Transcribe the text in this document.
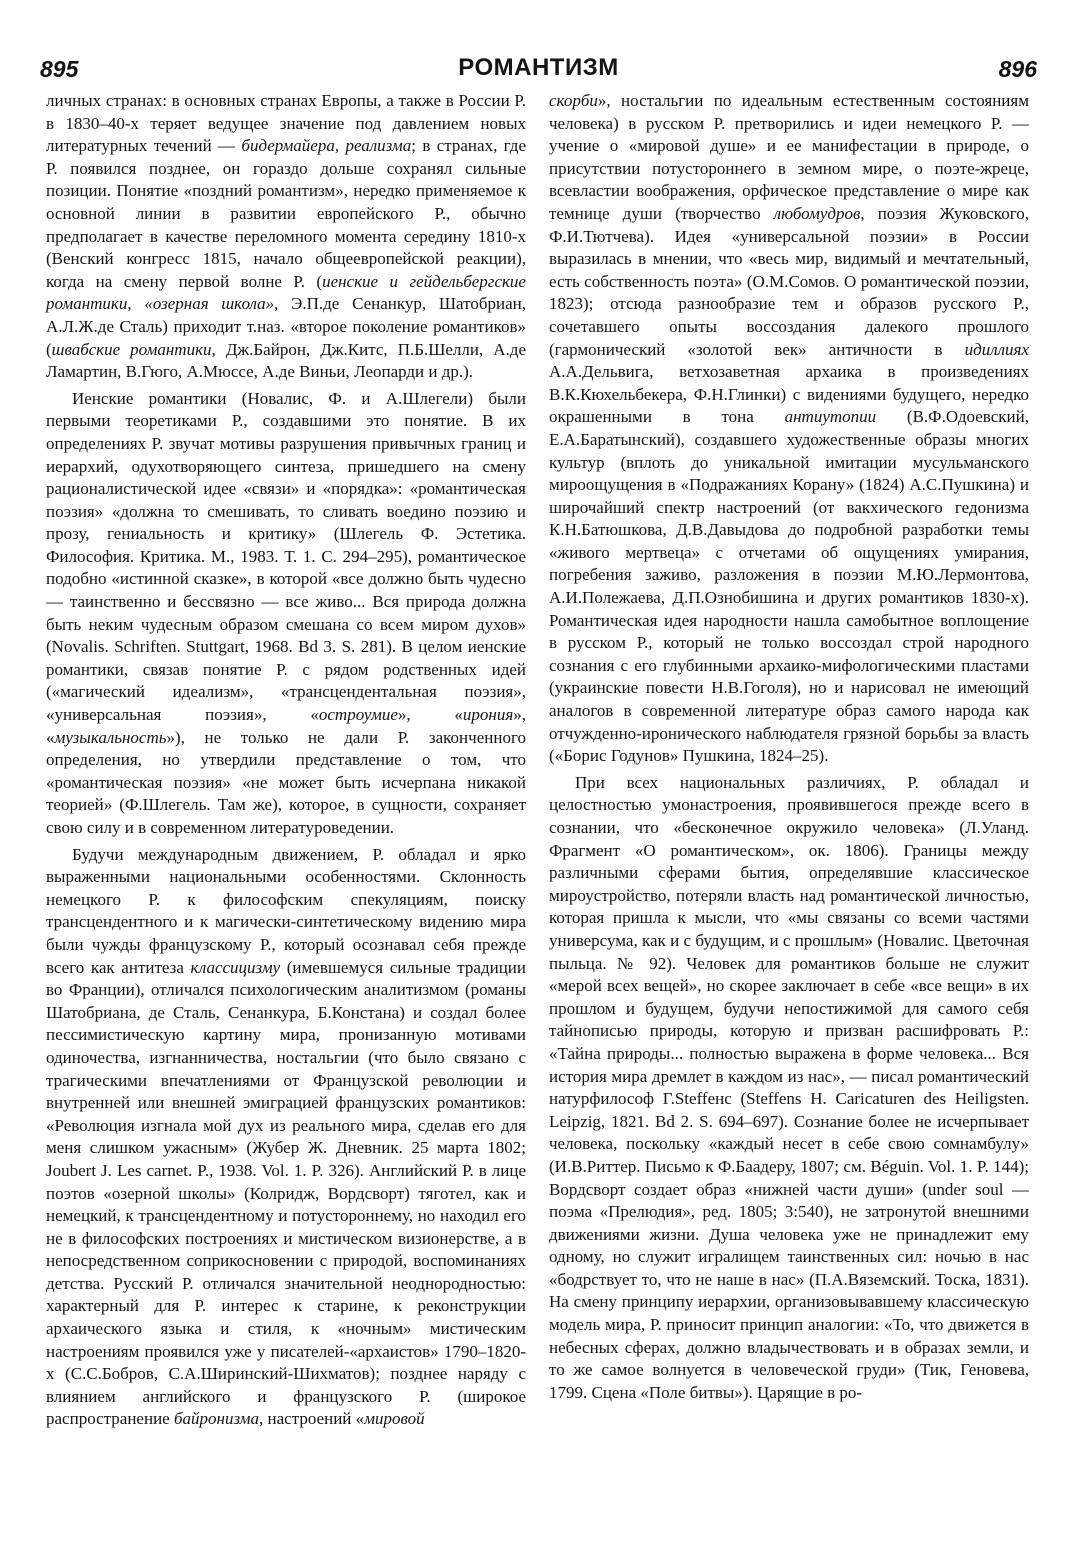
895	РОМАНТИЗМ	896

личных странах: в основных странах Европы, а также в России Р. в 1830–40-х теряет ведущее значение под давлением новых литературных течений — бидермайера, реализма; в странах, где Р. появился позднее, он гораздо дольше сохранял сильные позиции. Понятие «поздний романтизм», нередко применяемое к основной линии в развитии европейского Р., обычно предполагает в качестве переломного момента середину 1810-х (Венский конгресс 1815, начало общеевропейской реакции), когда на смену первой волне Р. (иенские и гейдельбергские романтики, «озерная школа», Э.П.де Сенанкур, Шатобриан, А.Л.Ж.де Сталь) приходит т.наз. «второе поколение романтиков» (швабские романтики, Дж.Байрон, Дж.Китс, П.Б.Шелли, А.де Ламартин, В.Гюго, А.Мюссе, А.де Виньи, Леопарди и др.).

Иенские романтики (Новалис, Ф. и А.Шлегели) были первыми теоретиками Р., создавшими это понятие. В их определениях Р. звучат мотивы разрушения привычных границ и иерархий, одухотворяющего синтеза, пришедшего на смену рационалистической идее «связи» и «порядка»: «романтическая поэзия» «должна то смешивать, то сливать воедино поэзию и прозу, гениальность и критику» (Шлегель Ф. Эстетика. Философия. Критика. М., 1983. Т. 1. С. 294–295), романтическое подобно «истинной сказке», в которой «все должно быть чудесно — таинственно и бессвязно — все живо... Вся природа должна быть неким чудесным образом смешана со всем миром духов» (Novalis. Schriften. Stuttgart, 1968. Bd 3. S. 281). В целом иенские романтики, связав понятие Р. с рядом родственных идей («магический идеализм», «трансцендентальная поэзия», «универсальная поэзия», «остроумие», «ирония», «музыкальность»), не только не дали Р. законченного определения, но утвердили представление о том, что «романтическая поэзия» «не может быть исчерпана никакой теорией» (Ф.Шлегель. Там же), которое, в сущности, сохраняет свою силу и в современном литературоведении.

Будучи международным движением, Р. обладал и ярко выраженными национальными особенностями. Склонность немецкого Р. к философским спекуляциям, поиску трансцендентного и к магически-синтетическому видению мира были чужды французскому Р., который осознавал себя прежде всего как антитеза классицизму (имевшемуся сильные традиции во Франции), отличался психологическим аналитизмом (романы Шатобриана, де Сталь, Сенанкура, Б.Констана) и создал более пессимистическую картину мира, пронизанную мотивами одиночества, изгнанничества, ностальгии (что было связано с трагическими впечатлениями от Французской революции и внутренней или внешней эмиграцией французских романтиков: «Революция изгнала мой дух из реального мира, сделав его для меня слишком ужасным» (Жубер Ж. Дневник. 25 марта 1802; Joubert J. Les carnet. P., 1938. Vol. 1. P. 326). Английский Р. в лице поэтов «озерной школы» (Колридж, Вордсворт) тяготел, как и немецкий, к трансцендентному и потустороннему, но находил его не в философских построениях и мистическом визионерстве, а в непосредственном соприкосновении с природой, воспоминаниях детства. Русский Р. отличался значительной неоднородностью: характерный для Р. интерес к старине, к реконструкции архаического языка и стиля, к «ночным» мистическим настроениям проявился уже у писателей-«архаистов» 1790–1820-х (С.С.Бобров, С.А.Ширинский-Шихматов); позднее наряду с влиянием английского и французского Р. (широкое распространение байронизма, настроений «мировой

скорби», ностальгии по идеальным естественным состояниям человека) в русском Р. претворились и идеи немецкого Р. — учение о «мировой душе» и ее манифестации в природе, о присутствии потустороннего в земном мире, о поэте-жреце, всевластии воображения, орфическое представление о мире как темнице души (творчество любомудров, поэзия Жуковского, Ф.И.Тютчева). Идея «универсальной поэзии» в России выразилась в мнении, что «весь мир, видимый и мечтательный, есть собственность поэта» (О.М.Сомов. О романтической поэзии, 1823); отсюда разнообразие тем и образов русского Р., сочетавшего опыты воссоздания далекого прошлого (гармонический «золотой век» античности в идиллиях А.А.Дельвига, ветхозаветная архаика в произведениях В.К.Кюхельбекера, Ф.Н.Глинки) с видениями будущего, нередко окрашенными в тона антиутопии (В.Ф.Одоевский, Е.А.Баратынский), создавшего художественные образы многих культур (вплоть до уникальной имитации мусульманского мироощущения в «Подражаниях Корану» (1824) А.С.Пушкина) и широчайший спектр настроений (от вакхического гедонизма К.Н.Батюшкова, Д.В.Давыдова до подробной разработки темы «живого мертвеца» с отчетами об ощущениях умирания, погребения заживо, разложения в поэзии М.Ю.Лермонтова, А.И.Полежаева, Д.П.Ознобишина и других романтиков 1830-х). Романтическая идея народности нашла самобытное воплощение в русском Р., который не только воссоздал строй народного сознания с его глубинными архаико-мифологическими пластами (украинские повести Н.В.Гоголя), но и нарисовал не имеющий аналогов в современной литературе образ самого народа как отчужденно-иронического наблюдателя грязной борьбы за власть («Борис Годунов» Пушкина, 1824–25).

При всех национальных различиях, Р. обладал и целостностью умонастроения, проявившегося прежде всего в сознании, что «бесконечное окружило человека» (Л.Уланд. Фрагмент «О романтическом», ок. 1806). Границы между различными сферами бытия, определявшие классическое мироустройство, потеряли власть над романтической личностью, которая пришла к мысли, что «мы связаны со всеми частями универсума, как и с будущим, и с прошлым» (Новалис. Цветочная пыльца. № 92). Человек для романтиков больше не служит «мерой всех вещей», но скорее заключает в себе «все вещи» в их прошлом и будущем, будучи непостижимой для самого себя тайнописью природы, которую и призван расшифровать Р.: «Тайна природы... полностью выражена в форме человека... Вся история мира дремлет в каждом из нас», — писал романтический натурфилософ Г.Steffeнс (Steffens H. Caricaturen des Heiligsten. Leipzig, 1821. Bd 2. S. 694–697). Сознание более не исчерпывает человека, поскольку «каждый несет в себе свою сомнамбулу» (И.В.Риттер. Письмо к Ф.Баадеру, 1807; см. Béguin. Vol. 1. P. 144); Вордсворт создает образ «нижней части души» (under soul — поэма «Прелюдия», ред. 1805; 3:540), не затронутой внешними движениями жизни. Душа человека уже не принадлежит ему одному, но служит игралищем таинственных сил: ночью в нас «бодрствует то, что не наше в нас» (П.А.Вяземский. Тоска, 1831). На смену принципу иерархии, организовывавшему классическую модель мира, Р. приносит принцип аналогии: «То, что движется в небесных сферах, должно владычествовать и в образах земли, и то же самое волнуется в человеческой груди» (Тик, Геновева, 1799. Сцена «Поле битвы»). Царящие в ро-
